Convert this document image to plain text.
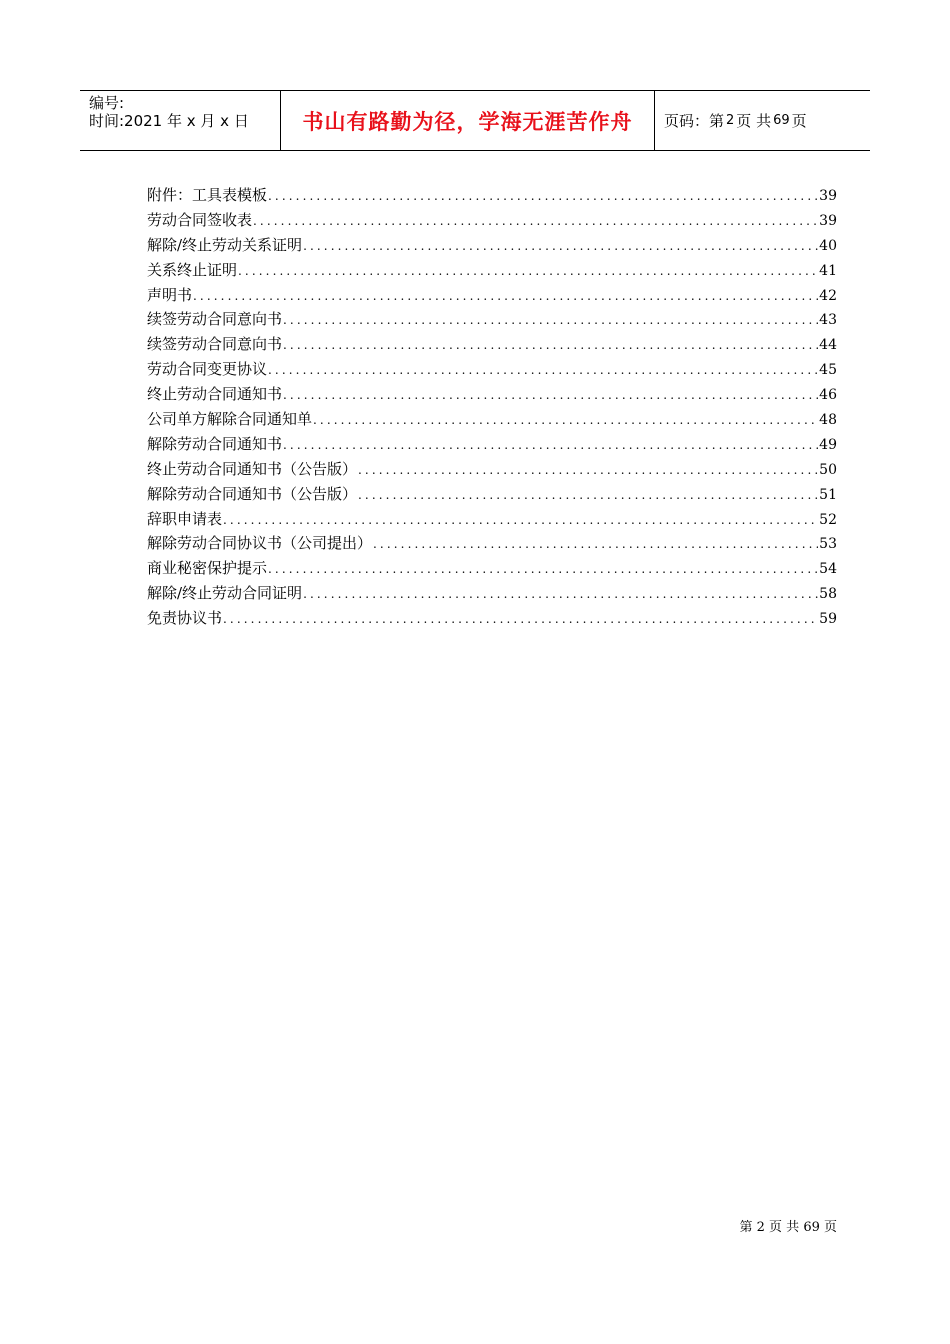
编号:
时间:2021 年 x 月 x 日	书山有路勤为径，学海无涯苦作舟	页码：第 2 页 共 69 页
附件：工具表模板 .....	39
劳动合同签收表 .....	39
解除/终止劳动关系证明 .....	40
关系终止证明 .....	41
声明书 .....	42
续签劳动合同意向书 .....	43
续签劳动合同意向书 .....	44
劳动合同变更协议 .....	45
终止劳动合同通知书 .....	46
公司单方解除合同通知单 .....	48
解除劳动合同通知书 .....	49
终止劳动合同通知书（公告版） .....	50
解除劳动合同通知书（公告版） .....	51
辞职申请表 .....	52
解除劳动合同协议书（公司提出） .....	53
商业秘密保护提示 .....	54
解除/终止劳动合同证明 .....	58
免责协议书 .....	59
第 2 页 共 69 页
